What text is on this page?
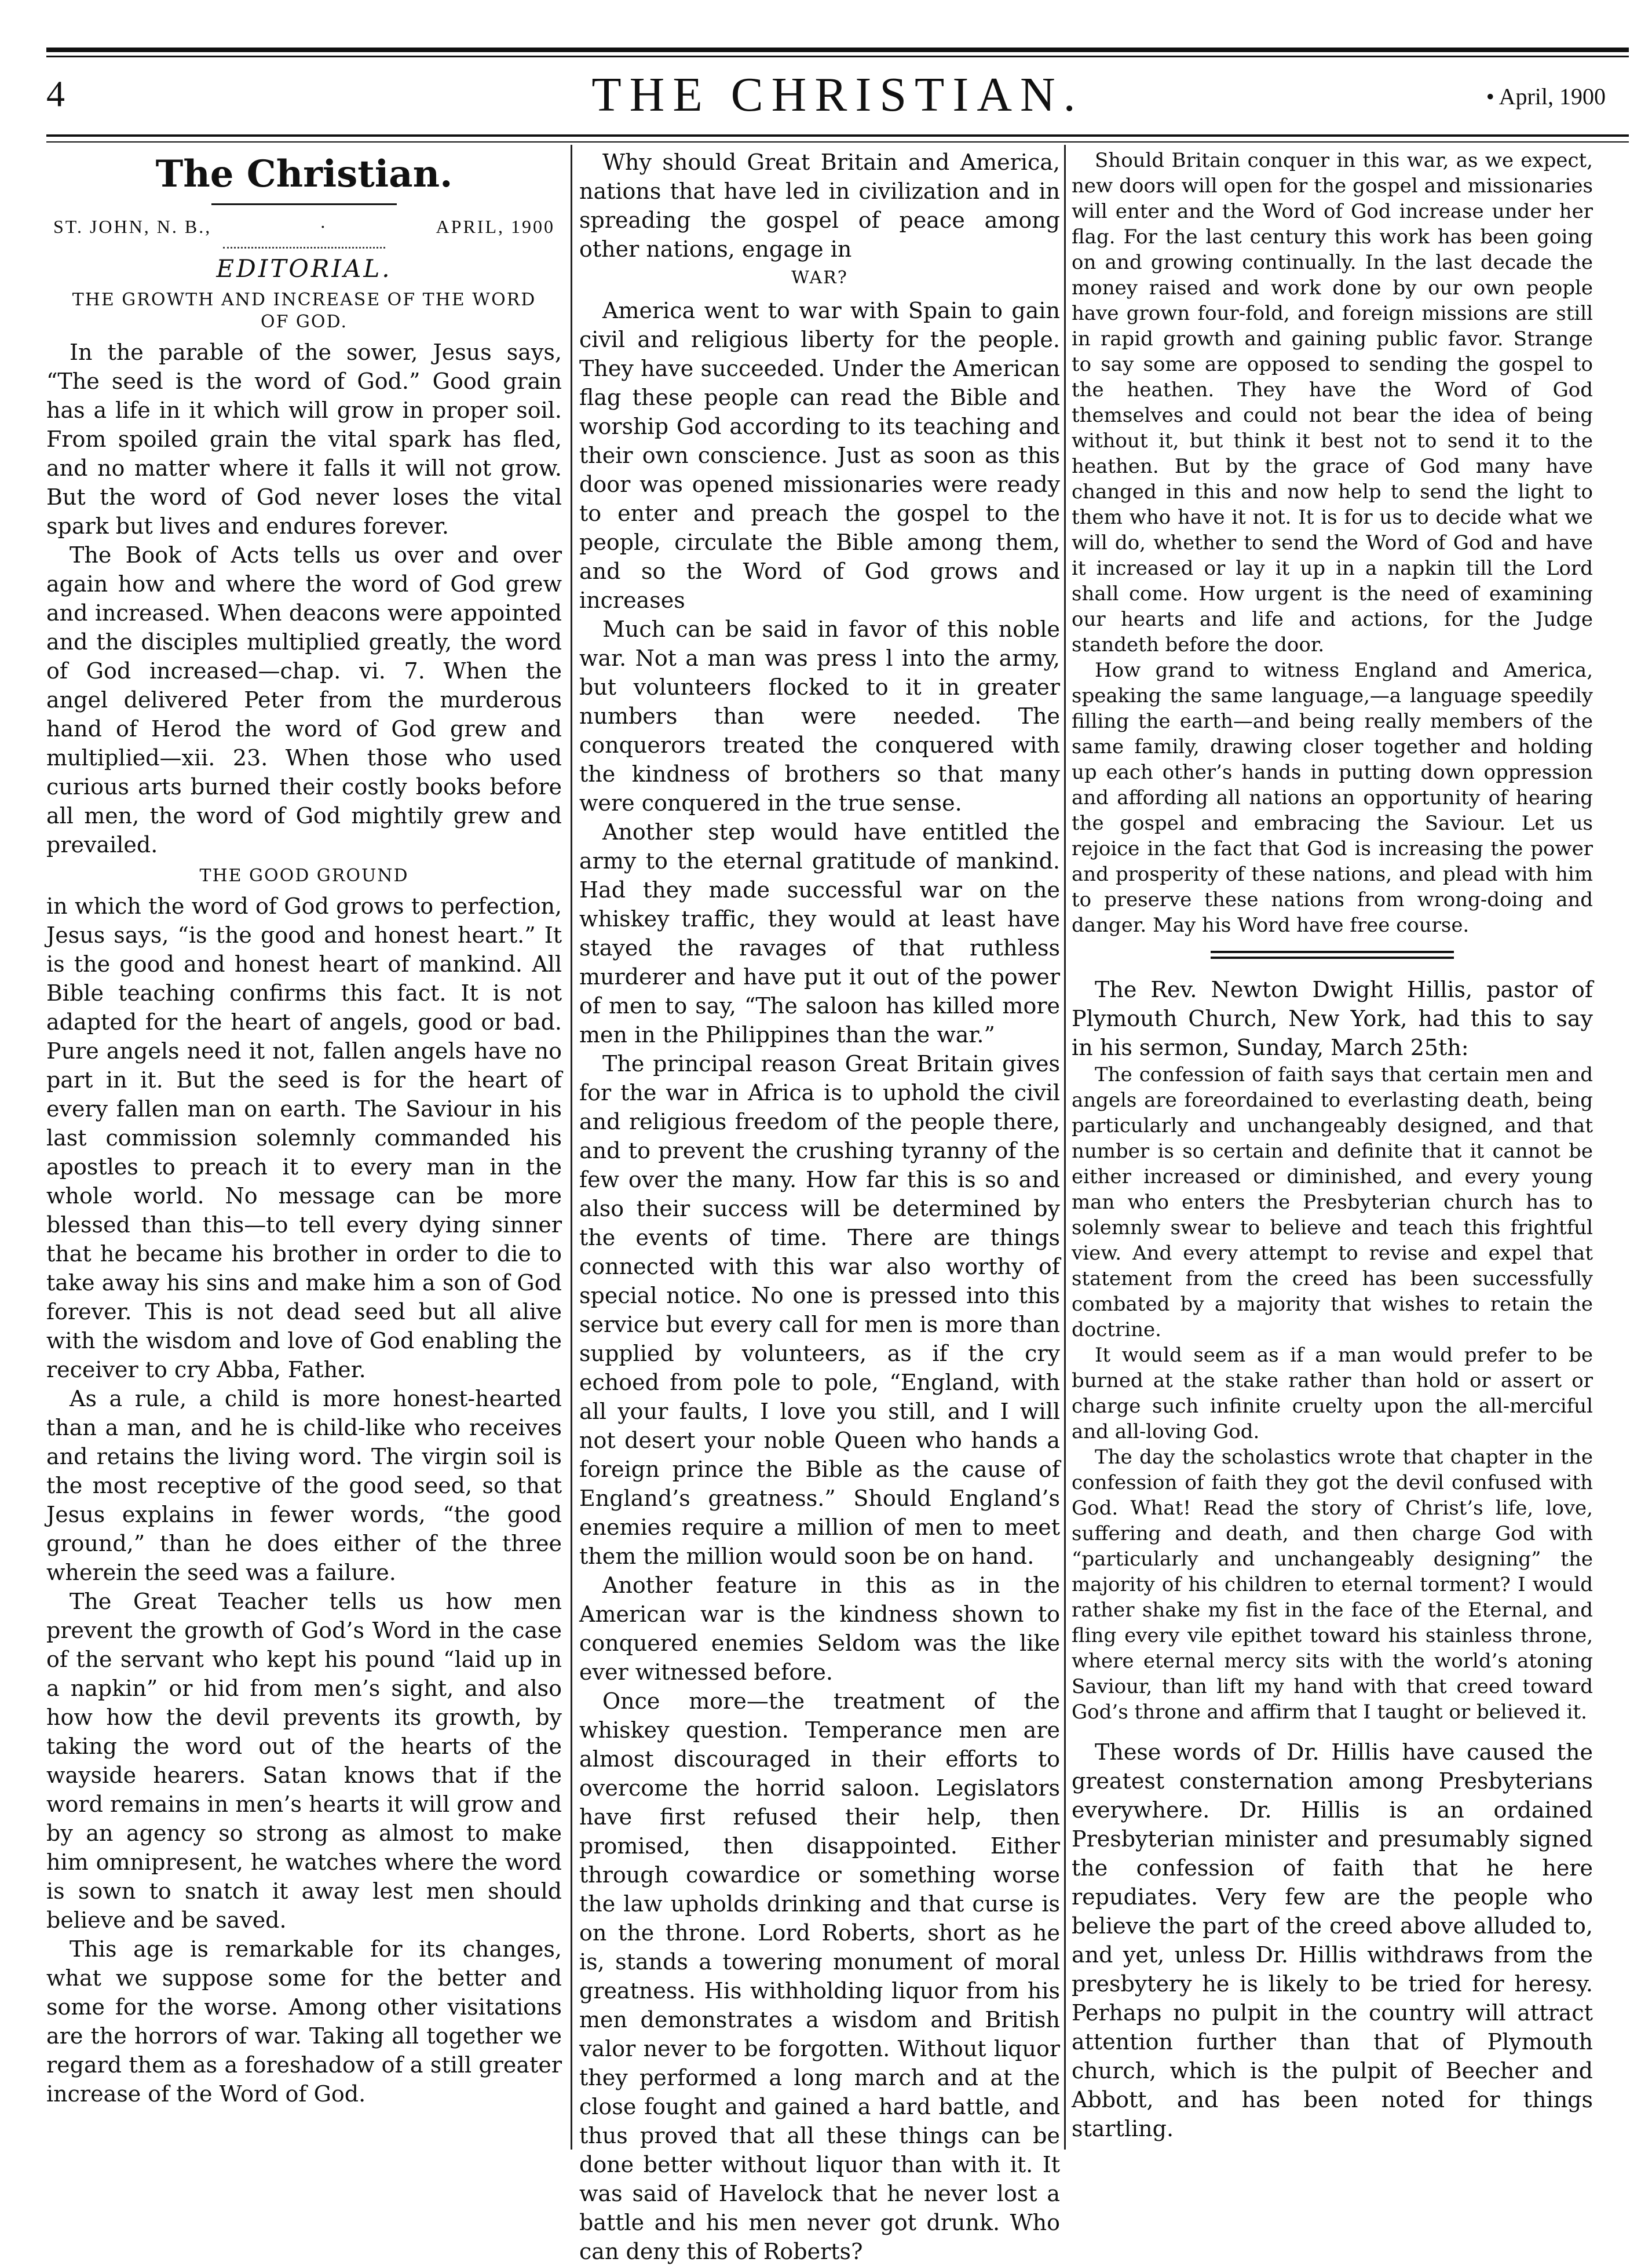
4	THE CHRISTIAN.	• April, 1900
The Christian.
ST. JOHN, N. B.,	·	APRIL, 1900
EDITORIAL.
THE GROWTH AND INCREASE OF THE WORD OF GOD.

In the parable of the sower, Jesus says, “The seed is the word of God.” Good grain has a life in it which will grow in proper soil. From spoiled grain the vital spark has fled, and no matter where it falls it will not grow. But the word of God never loses the vital spark but lives and endures forever.

The Book of Acts tells us over and over again how and where the word of God grew and increased. When deacons were appointed and the disciples multiplied greatly, the word of God increased—chap. vi. 7. When the angel delivered Peter from the murderous hand of Herod the word of God grew and multiplied—xii. 23. When those who used curious arts burned their costly books before all men, the word of God mightily grew and prevailed.

THE GOOD GROUND

in which the word of God grows to perfection, Jesus says, “is the good and honest heart.” It is the good and honest heart of mankind. All Bible teaching confirms this fact. It is not adapted for the heart of angels, good or bad. Pure angels need it not, fallen angels have no part in it. But the seed is for the heart of every fallen man on earth. The Saviour in his last commission solemnly commanded his apostles to preach it to every man in the whole world. No message can be more blessed than this—to tell every dying sinner that he became his brother in order to die to take away his sins and make him a son of God forever. This is not dead seed but all alive with the wisdom and love of God enabling the receiver to cry Abba, Father.

As a rule, a child is more honest-hearted than a man, and he is child-like who receives and retains the living word. The virgin soil is the most receptive of the good seed, so that Jesus explains in fewer words, “the good ground,” than he does either of the three wherein the seed was a failure.

The Great Teacher tells us how men prevent the growth of God’s Word in the case of the servant who kept his pound “laid up in a napkin” or hid from men’s sight, and also how how the devil prevents its growth, by taking the word out of the hearts of the wayside hearers. Satan knows that if the word remains in men’s hearts it will grow and by an agency so strong as almost to make him omnipresent, he watches where the word is sown to snatch it away lest men should believe and be saved.

This age is remarkable for its changes, what we suppose some for the better and some for the worse. Among other visitations are the horrors of war. Taking all together we regard them as a foreshadow of a still greater increase of the Word of God.

Why should Great Britain and America, nations that have led in civilization and in spreading the gospel of peace among other nations, engage in

WAR?

America went to war with Spain to gain civil and religious liberty for the people. They have succeeded. Under the American flag these people can read the Bible and worship God according to its teaching and their own conscience. Just as soon as this door was opened missionaries were ready to enter and preach the gospel to the people, circulate the Bible among them, and so the Word of God grows and increases

Much can be said in favor of this noble war. Not a man was press l into the army, but volunteers flocked to it in greater numbers than were needed. The conquerors treated the conquered with the kindness of brothers so that many were conquered in the true sense.

Another step would have entitled the army to the eternal gratitude of mankind. Had they made successful war on the whiskey traffic, they would at least have stayed the ravages of that ruthless murderer and have put it out of the power of men to say, “The saloon has killed more men in the Philippines than the war.”

The principal reason Great Britain gives for the war in Africa is to uphold the civil and religious freedom of the people there, and to prevent the crushing tyranny of the few over the many. How far this is so and also their success will be determined by the events of time. There are things connected with this war also worthy of special notice. No one is pressed into this service but every call for men is more than supplied by volunteers, as if the cry echoed from pole to pole, “England, with all your faults, I love you still, and I will not desert your noble Queen who hands a foreign prince the Bible as the cause of England’s greatness.” Should England’s enemies require a million of men to meet them the million would soon be on hand.

Another feature in this as in the American war is the kindness shown to conquered enemies Seldom was the like ever witnessed before.

Once more—the treatment of the whiskey question. Temperance men are almost discouraged in their efforts to overcome the horrid saloon. Legislators have first refused their help, then promised, then disappointed. Either through cowardice or something worse the law upholds drinking and that curse is on the throne. Lord Roberts, short as he is, stands a towering monument of moral greatness. His withholding liquor from his men demonstrates a wisdom and British valor never to be forgotten. Without liquor they performed a long march and at the close fought and gained a hard battle, and thus proved that all these things can be done better without liquor than with it. It was said of Havelock that he never lost a battle and his men never got drunk. Who can deny this of Roberts?

Should Britain conquer in this war, as we expect, new doors will open for the gospel and missionaries will enter and the Word of God increase under her flag. For the last century this work has been going on and growing continually. In the last decade the money raised and work done by our own people have grown four-fold, and foreign missions are still in rapid growth and gaining public favor. Strange to say some are opposed to sending the gospel to the heathen. They have the Word of God themselves and could not bear the idea of being without it, but think it best not to send it to the heathen. But by the grace of God many have changed in this and now help to send the light to them who have it not. It is for us to decide what we will do, whether to send the Word of God and have it increased or lay it up in a napkin till the Lord shall come. How urgent is the need of examining our hearts and life and actions, for the Judge standeth before the door.

How grand to witness England and America, speaking the same language,—a language speedily filling the earth—and being really members of the same family, drawing closer together and holding up each other’s hands in putting down oppression and affording all nations an opportunity of hearing the gospel and embracing the Saviour. Let us rejoice in the fact that God is increasing the power and prosperity of these nations, and plead with him to preserve these nations from wrong-doing and danger. May his Word have free course.

The Rev. Newton Dwight Hillis, pastor of Plymouth Church, New York, had this to say in his sermon, Sunday, March 25th:

The confession of faith says that certain men and angels are foreordained to everlasting death, being particularly and unchangeably designed, and that number is so certain and definite that it cannot be either increased or diminished, and every young man who enters the Presbyterian church has to solemnly swear to believe and teach this frightful view. And every attempt to revise and expel that statement from the creed has been successfully combated by a majority that wishes to retain the doctrine.

It would seem as if a man would prefer to be burned at the stake rather than hold or assert or charge such infinite cruelty upon the all-merciful and all-loving God.

The day the scholastics wrote that chapter in the confession of faith they got the devil confused with God. What! Read the story of Christ’s life, love, suffering and death, and then charge God with “particularly and unchangeably designing” the majority of his children to eternal torment? I would rather shake my fist in the face of the Eternal, and fling every vile epithet toward his stainless throne, where eternal mercy sits with the world’s atoning Saviour, than lift my hand with that creed toward God’s throne and affirm that I taught or believed it.

These words of Dr. Hillis have caused the greatest consternation among Presbyterians everywhere. Dr. Hillis is an ordained Presbyterian minister and presumably signed the confession of faith that he here repudiates. Very few are the people who believe the part of the creed above alluded to, and yet, unless Dr. Hillis withdraws from the presbytery he is likely to be tried for heresy. Perhaps no pulpit in the country will attract attention further than that of Plymouth church, which is the pulpit of Beecher and Abbott, and has been noted for things startling.
